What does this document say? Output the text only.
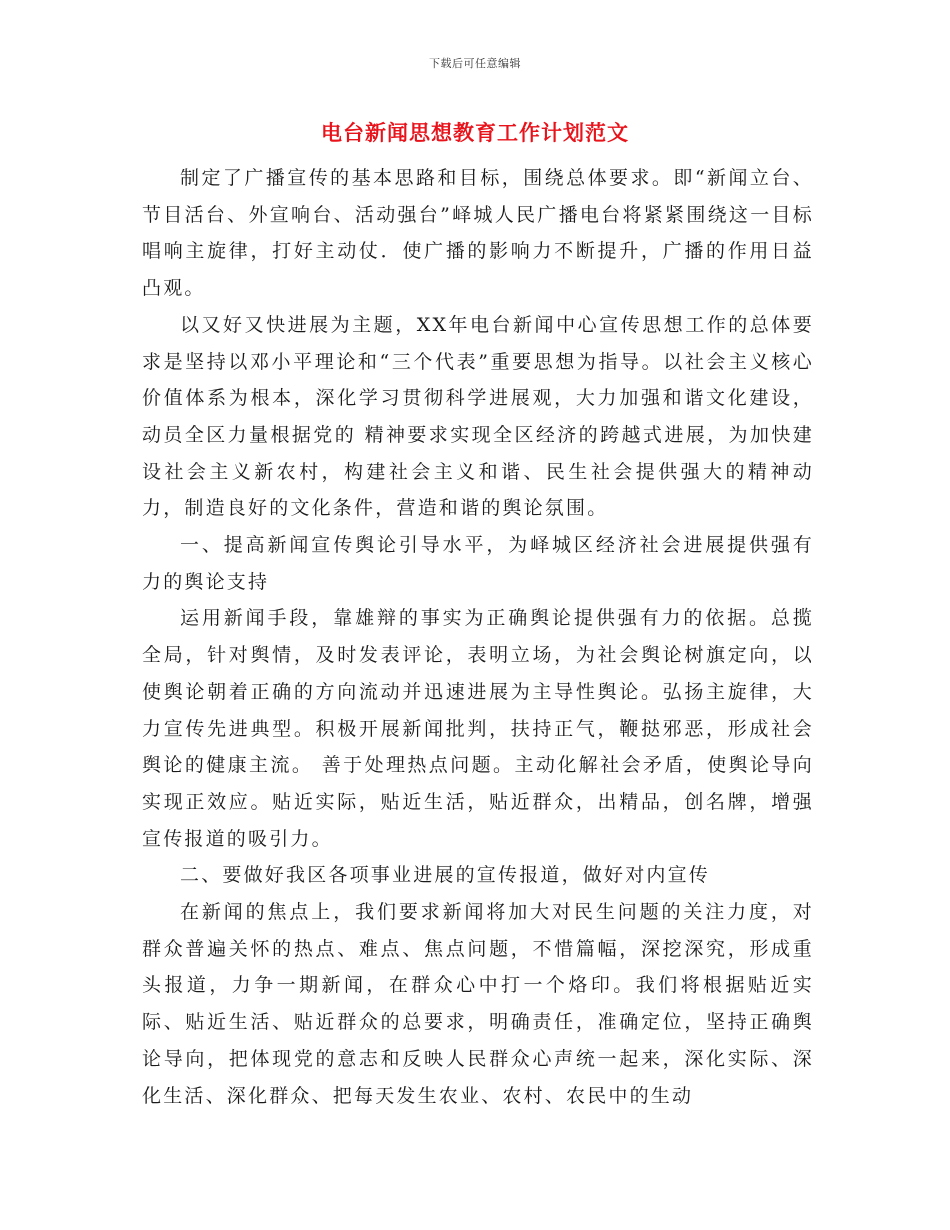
下载后可任意编辑
电台新闻思想教育工作计划范文

制定了广播宣传的基本思路和目标，围绕总体要求。即“新闻立台、节目活台、外宣响台、活动强台”峄城人民广播电台将紧紧围绕这一目标唱响主旋律，打好主动仗．使广播的影响力不断提升，广播的作用日益凸观。

以又好又快进展为主题，XX年电台新闻中心宣传思想工作的总体要求是坚持以邓小平理论和“三个代表”重要思想为指导。以社会主义核心价值体系为根本，深化学习贯彻科学进展观，大力加强和谐文化建设，动员全区力量根据党的 精神要求实现全区经济的跨越式进展，为加快建设社会主义新农村，构建社会主义和谐、民生社会提供强大的精神动力，制造良好的文化条件，营造和谐的舆论氛围。

一、提高新闻宣传舆论引导水平，为峄城区经济社会进展提供强有力的舆论支持

运用新闻手段，靠雄辩的事实为正确舆论提供强有力的依据。总揽全局，针对舆情，及时发表评论，表明立场，为社会舆论树旗定向，以使舆论朝着正确的方向流动并迅速进展为主导性舆论。弘扬主旋律，大力宣传先进典型。积极开展新闻批判，扶持正气，鞭挞邪恶，形成社会舆论的健康主流。 善于处理热点问题。主动化解社会矛盾，使舆论导向实现正效应。贴近实际，贴近生活，贴近群众，出精品，创名牌，增强宣传报道的吸引力。

二、要做好我区各项事业进展的宣传报道，做好对内宣传

在新闻的焦点上，我们要求新闻将加大对民生问题的关注力度，对群众普遍关怀的热点、难点、焦点问题，不惜篇幅，深挖深究，形成重头报道，力争一期新闻，在群众心中打一个烙印。我们将根据贴近实际、贴近生活、贴近群众的总要求，明确责任，准确定位，坚持正确舆论导向，把体现党的意志和反映人民群众心声统一起来，深化实际、深化生活、深化群众、把每天发生农业、农村、农民中的生动
